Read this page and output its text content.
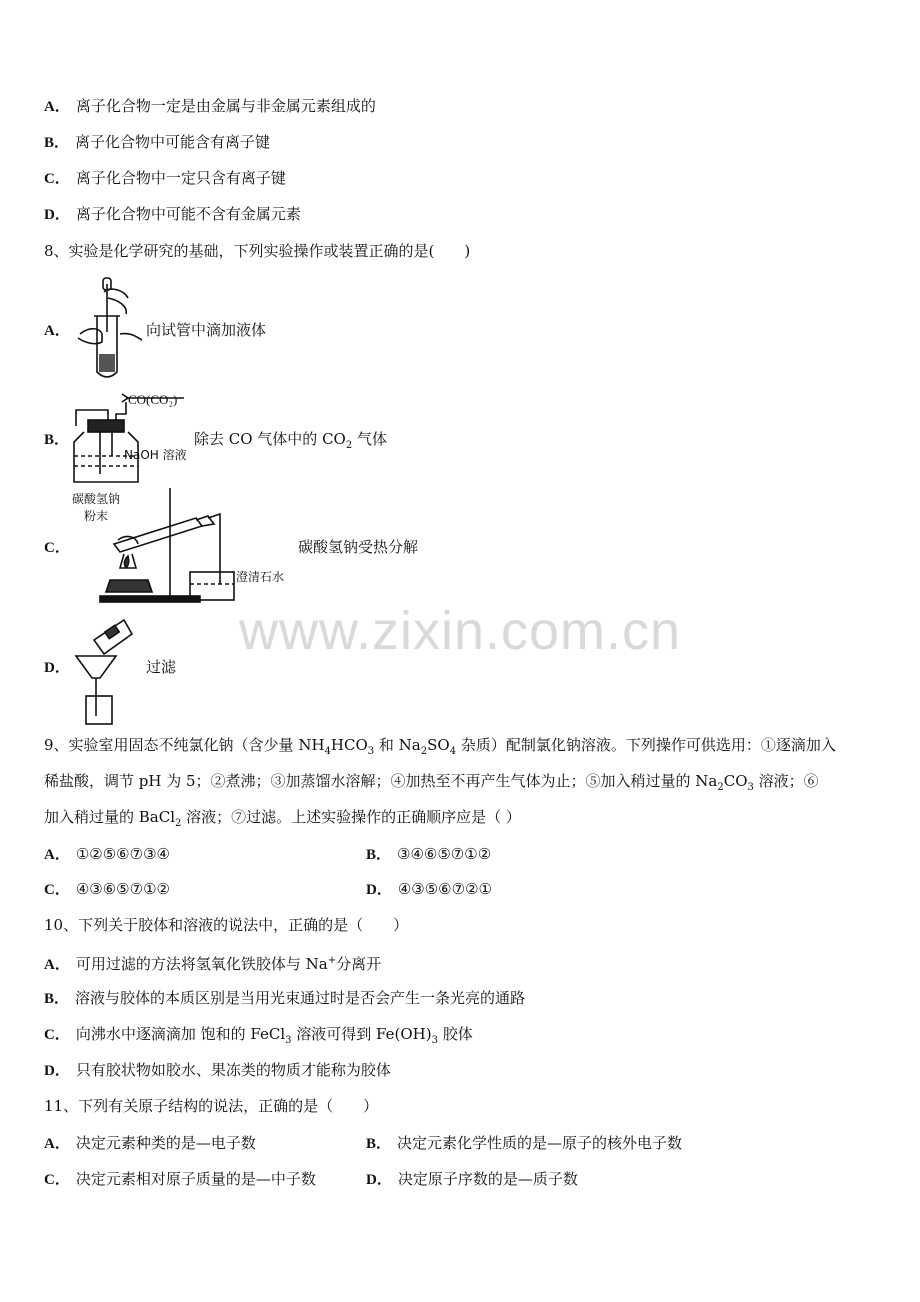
A． 离子化合物一定是由金属与非金属元素组成的
B． 离子化合物中可能含有离子键
C． 离子化合物中一定只含有离子键
D． 离子化合物中可能不含有金属元素
8、实验是化学研究的基础，下列实验操作或装置正确的是(　　)
A．	向试管中滴加液体
B．
CO(CO₂)
NaOH 溶液
除去 CO 气体中的 $CO_2$ 气体
碳酸氢钠
粉末
C．	碳酸氢钠受热分解
澄清石水
D．	过滤
www.zixin.com.cn
9、实验室用固态不纯氯化钠（含少量 $NH_4HCO_3$ 和 $Na_2SO_4$ 杂质）配制氯化钠溶液。下列操作可供选用：①逐滴加入
稀盐酸，调节 pH 为 5；②煮沸；③加蒸馏水溶解；④加热至不再产生气体为止；⑤加入稍过量的 $Na_2CO_3$ 溶液；⑥
加入稍过量的 BaCl$_2$ 溶液；⑦过滤。上述实验操作的正确顺序应是（ ）
A． ①②⑤⑥⑦③④	B． ③④⑥⑤⑦①②
C． ④③⑥⑤⑦①②	D． ④③⑤⑥⑦②①
10、下列关于胶体和溶液的说法中，正确的是（　　）
A． 可用过滤的方法将氢氧化铁胶体与 Na+分离开
B． 溶液与胶体的本质区别是当用光束通过时是否会产生一条光亮的通路
C． 向沸水中逐滴滴加 饱和的 FeCl$_3$ 溶液可得到 $Fe(OH)_3$ 胶体
D． 只有胶状物如胶水、果冻类的物质才能称为胶体
11、下列有关原子结构的说法，正确的是（　　）
A． 决定元素种类的是—电子数	B． 决定元素化学性质的是—原子的核外电子数
C． 决定元素相对原子质量的是—中子数	D． 决定原子序数的是—质子数
